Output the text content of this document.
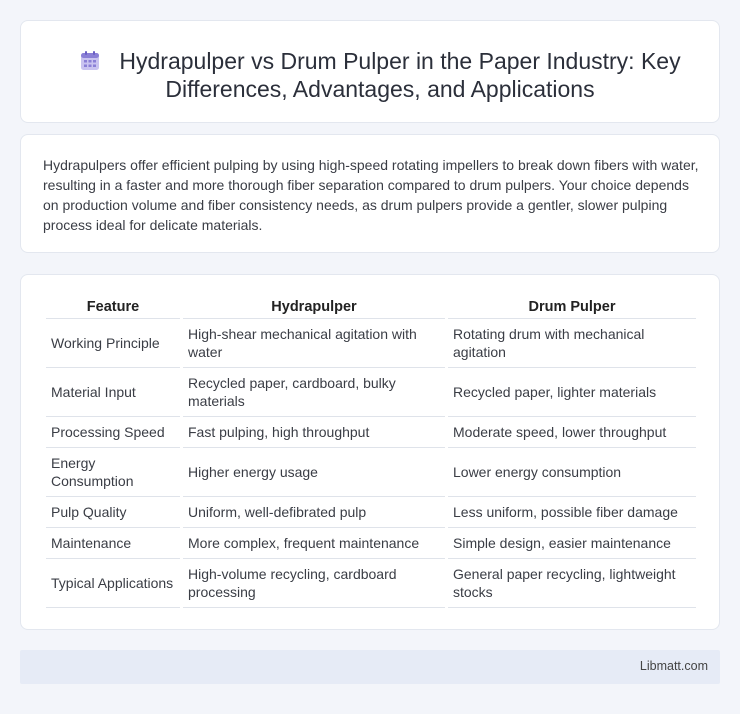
Hydrapulper vs Drum Pulper in the Paper Industry: Key Differences, Advantages, and Applications

Hydrapulpers offer efficient pulping by using high-speed rotating impellers to break down fibers with water, resulting in a faster and more thorough fiber separation compared to drum pulpers. Your choice depends on production volume and fiber consistency needs, as drum pulpers provide a gentler, slower pulping process ideal for delicate materials.

Feature	Hydrapulper	Drum Pulper
Working Principle	High-shear mechanical agitation with water	Rotating drum with mechanical agitation
Material Input	Recycled paper, cardboard, bulky materials	Recycled paper, lighter materials
Processing Speed	Fast pulping, high throughput	Moderate speed, lower throughput
Energy Consumption	Higher energy usage	Lower energy consumption
Pulp Quality	Uniform, well-defibrated pulp	Less uniform, possible fiber damage
Maintenance	More complex, frequent maintenance	Simple design, easier maintenance
Typical Applications	High-volume recycling, cardboard processing	General paper recycling, lightweight stocks
Libmatt.com
